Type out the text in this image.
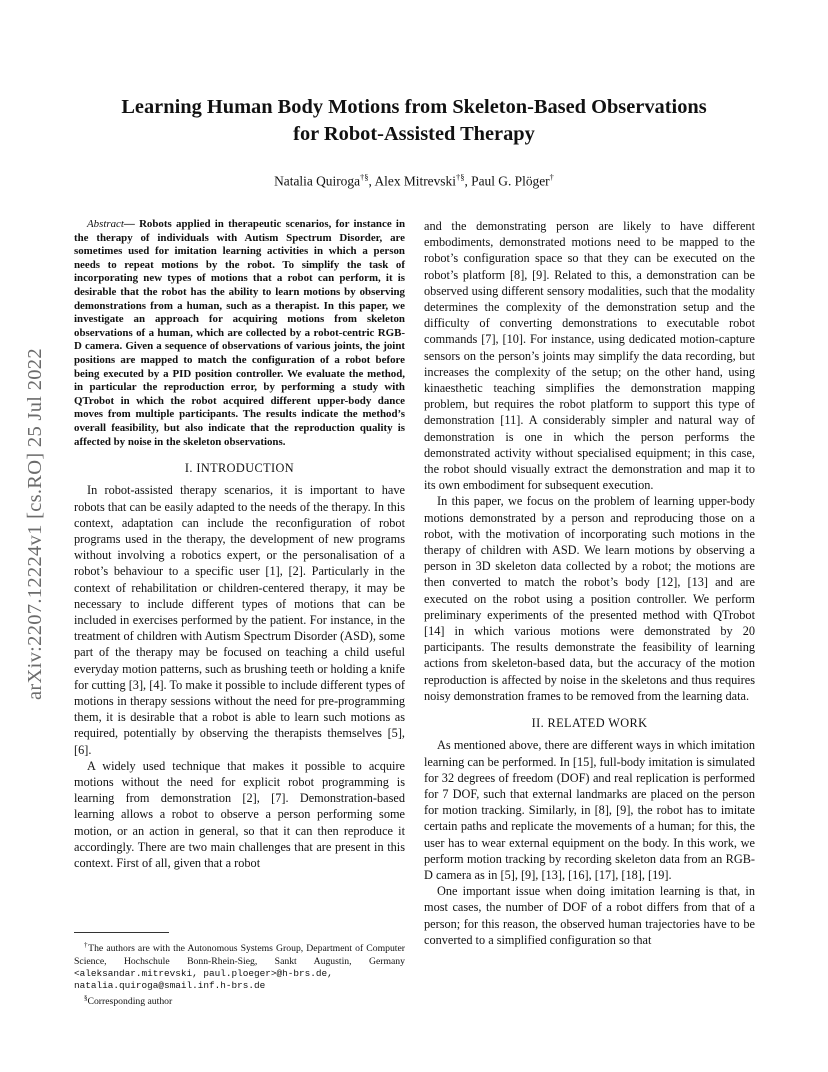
arXiv:2207.12224v1 [cs.RO] 25 Jul 2022
Learning Human Body Motions from Skeleton-Based Observations
for Robot-Assisted Therapy
Natalia Quiroga†§, Alex Mitrevski†§, Paul G. Plöger†

Abstract— Robots applied in therapeutic scenarios, for instance in the therapy of individuals with Autism Spectrum Disorder, are sometimes used for imitation learning activities in which a person needs to repeat motions by the robot. To simplify the task of incorporating new types of motions that a robot can perform, it is desirable that the robot has the ability to learn motions by observing demonstrations from a human, such as a therapist. In this paper, we investigate an approach for acquiring motions from skeleton observations of a human, which are collected by a robot-centric RGB-D camera. Given a sequence of observations of various joints, the joint positions are mapped to match the configuration of a robot before being executed by a PID position controller. We evaluate the method, in particular the reproduction error, by performing a study with QTrobot in which the robot acquired different upper-body dance moves from multiple participants. The results indicate the method’s overall feasibility, but also indicate that the reproduction quality is affected by noise in the skeleton observations.

I. INTRODUCTION

In robot-assisted therapy scenarios, it is important to have robots that can be easily adapted to the needs of the therapy. In this context, adaptation can include the reconfiguration of robot programs used in the therapy, the development of new programs without involving a robotics expert, or the personalisation of a robot’s behaviour to a specific user [1], [2]. Particularly in the context of rehabilitation or children-centered therapy, it may be necessary to include different types of motions that can be included in exercises performed by the patient. For instance, in the treatment of children with Autism Spectrum Disorder (ASD), some part of the therapy may be focused on teaching a child useful everyday motion patterns, such as brushing teeth or holding a knife for cutting [3], [4]. To make it possible to include different types of motions in therapy sessions without the need for pre-programming them, it is desirable that a robot is able to learn such motions as required, potentially by observing the therapists themselves [5], [6].

A widely used technique that makes it possible to acquire motions without the need for explicit robot programming is learning from demonstration [2], [7]. Demonstration-based learning allows a robot to observe a person performing some motion, or an action in general, so that it can then reproduce it accordingly. There are two main challenges that are present in this context. First of all, given that a robot

†The authors are with the Autonomous Systems Group, Department of Computer Science, Hochschule Bonn-Rhein-Sieg, Sankt Augustin, Germany <aleksandar.mitrevski, paul.ploeger>@h-brs.de,
natalia.quiroga@smail.inf.h-brs.de

§Corresponding author

and the demonstrating person are likely to have different embodiments, demonstrated motions need to be mapped to the robot’s configuration space so that they can be executed on the robot’s platform [8], [9]. Related to this, a demonstration can be observed using different sensory modalities, such that the modality determines the complexity of the demonstration setup and the difficulty of converting demonstrations to executable robot commands [7], [10]. For instance, using dedicated motion-capture sensors on the person’s joints may simplify the data recording, but increases the complexity of the setup; on the other hand, using kinaesthetic teaching simplifies the demonstration mapping problem, but requires the robot platform to support this type of demonstration [11]. A considerably simpler and natural way of demonstration is one in which the person performs the demonstrated activity without specialised equipment; in this case, the robot should visually extract the demonstration and map it to its own embodiment for subsequent execution.

In this paper, we focus on the problem of learning upper-body motions demonstrated by a person and reproducing those on a robot, with the motivation of incorporating such motions in the therapy of children with ASD. We learn motions by observing a person in 3D skeleton data collected by a robot; the motions are then converted to match the robot’s body [12], [13] and are executed on the robot using a position controller. We perform preliminary experiments of the presented method with QTrobot [14] in which various motions were demonstrated by 20 participants. The results demonstrate the feasibility of learning actions from skeleton-based data, but the accuracy of the motion reproduction is affected by noise in the skeletons and thus requires noisy demonstration frames to be removed from the learning data.

II. RELATED WORK

As mentioned above, there are different ways in which imitation learning can be performed. In [15], full-body imitation is simulated for 32 degrees of freedom (DOF) and real replication is performed for 7 DOF, such that external landmarks are placed on the person for motion tracking. Similarly, in [8], [9], the robot has to imitate certain paths and replicate the movements of a human; for this, the user has to wear external equipment on the body. In this work, we perform motion tracking by recording skeleton data from an RGB-D camera as in [5], [9], [13], [16], [17], [18], [19].

One important issue when doing imitation learning is that, in most cases, the number of DOF of a robot differs from that of a person; for this reason, the observed human trajectories have to be converted to a simplified configuration so that
